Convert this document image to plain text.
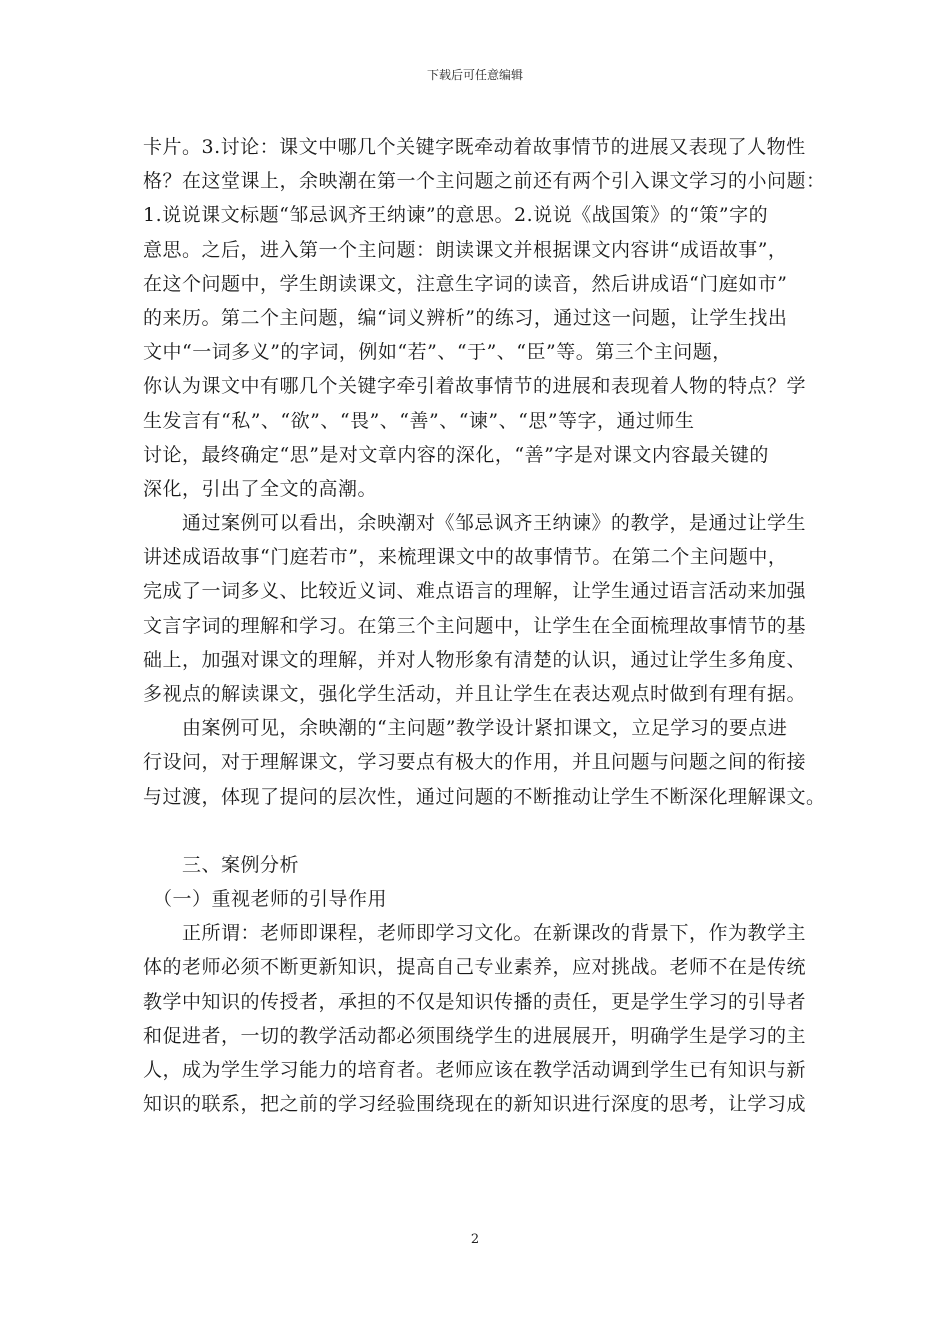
下载后可任意编辑
卡片。3.讨论：课文中哪几个关键字既牵动着故事情节的进展又表现了人物性
格？在这堂课上，余映潮在第一个主问题之前还有两个引入课文学习的小问题：
1.说说课文标题“邹忌讽齐王纳谏”的意思。2.说说《战国策》的“策”字的
意思。之后，进入第一个主问题：朗读课文并根据课文内容讲“成语故事”，
在这个问题中，学生朗读课文，注意生字词的读音，然后讲成语“门庭如市”
的来历。第二个主问题，编“词义辨析”的练习，通过这一问题，让学生找出
文中“一词多义”的字词，例如“若”、“于”、“臣”等。第三个主问题，
你认为课文中有哪几个关键字牵引着故事情节的进展和表现着人物的特点？学
生发言有“私”、“欲”、“畏”、“善”、“谏”、“思”等字，通过师生
讨论，最终确定“思”是对文章内容的深化，“善”字是对课文内容最关键的
深化，引出了全文的高潮。
　　通过案例可以看出，余映潮对《邹忌讽齐王纳谏》的教学，是通过让学生
讲述成语故事“门庭若市”，来梳理课文中的故事情节。在第二个主问题中，
完成了一词多义、比较近义词、难点语言的理解，让学生通过语言活动来加强
文言字词的理解和学习。在第三个主问题中，让学生在全面梳理故事情节的基
础上，加强对课文的理解，并对人物形象有清楚的认识，通过让学生多角度、
多视点的解读课文，强化学生活动，并且让学生在表达观点时做到有理有据。
　　由案例可见，余映潮的“主问题”教学设计紧扣课文，立足学习的要点进
行设问，对于理解课文，学习要点有极大的作用，并且问题与问题之间的衔接
与过渡，体现了提问的层次性，通过问题的不断推动让学生不断深化理解课文。
　　三、案例分析
　（一）重视老师的引导作用
　　正所谓：老师即课程，老师即学习文化。在新课改的背景下，作为教学主
体的老师必须不断更新知识，提高自己专业素养，应对挑战。老师不在是传统
教学中知识的传授者，承担的不仅是知识传播的责任，更是学生学习的引导者
和促进者，一切的教学活动都必须围绕学生的进展展开，明确学生是学习的主
人，成为学生学习能力的培育者。老师应该在教学活动调到学生已有知识与新
知识的联系，把之前的学习经验围绕现在的新知识进行深度的思考，让学习成
2
